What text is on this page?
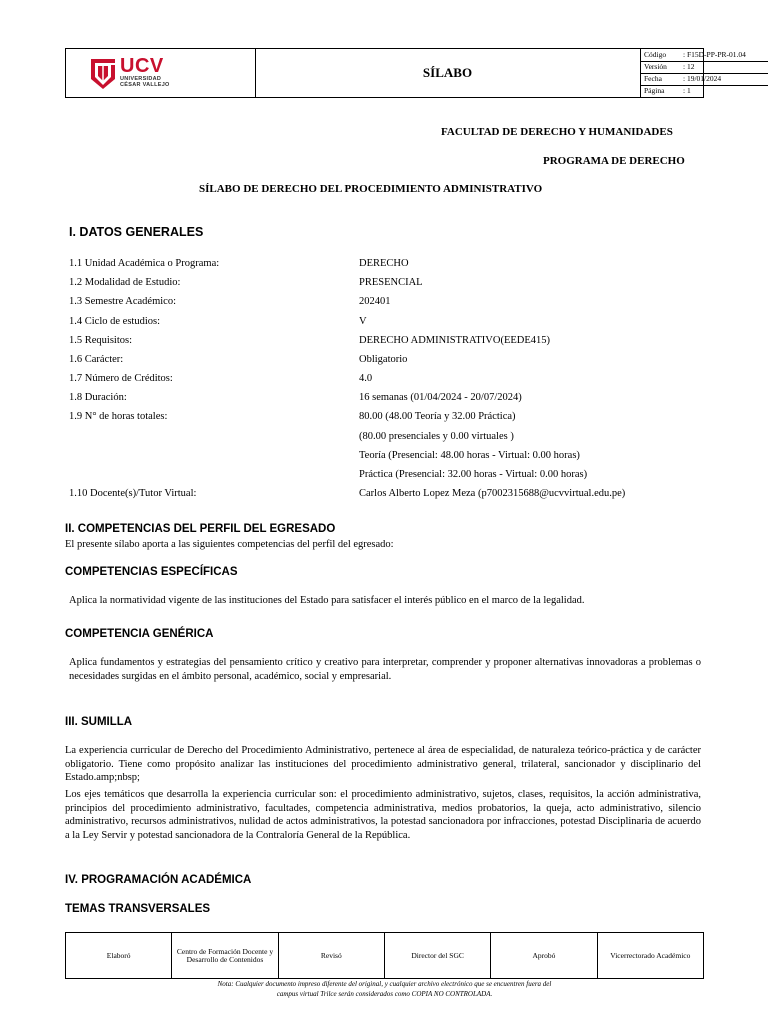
UCV
UNIVERSIDAD
CÉSAR VALLEJO
SÍLABO
Código : F15D-PP-PR-01.04
Versión : 12
Fecha	: 19/01/2024
Página : 1
FACULTAD DE DERECHO Y HUMANIDADES
PROGRAMA DE DERECHO
SÍLABO DE DERECHO DEL PROCEDIMIENTO ADMINISTRATIVO
I. DATOS GENERALES
1.1 Unidad Académica o Programa:	DERECHO
1.2 Modalidad de Estudio:	PRESENCIAL
1.3 Semestre Académico:	202401
1.4 Ciclo de estudios:	V
1.5 Requisitos:	DERECHO ADMINISTRATIVO(EEDE415)
1.6 Carácter:	Obligatorio
1.7 Número de Créditos:	4.0
1.8 Duración:	16 semanas (01/04/2024 - 20/07/2024)
1.9 N° de horas totales:	80.00 (48.00 Teoría y 32.00 Práctica)
(80.00 presenciales y 0.00 virtuales )
Teoría (Presencial: 48.00 horas - Virtual: 0.00 horas)
Práctica (Presencial: 32.00 horas - Virtual: 0.00 horas)
1.10 Docente(s)/Tutor Virtual:	Carlos Alberto Lopez Meza (p7002315688@ucvvirtual.edu.pe)
II. COMPETENCIAS DEL PERFIL DEL EGRESADO
El presente sílabo aporta a las siguientes competencias del perfil del egresado:
COMPETENCIAS ESPECÍFICAS
Aplica la normatividad vigente de las instituciones del Estado para satisfacer el interés público en el marco de la legalidad.
COMPETENCIA GENÉRICA
Aplica fundamentos y estrategias del pensamiento crítico y creativo para interpretar, comprender y proponer alternativas innovadoras a problemas o necesidades surgidas en el ámbito personal, académico, social y empresarial.
III. SUMILLA
La experiencia curricular de Derecho del Procedimiento Administrativo, pertenece al área de especialidad, de naturaleza teórico-práctica y de carácter obligatorio. Tiene como propósito analizar las instituciones del procedimiento administrativo general, trilateral, sancionador y disciplinario del Estado.amp;nbsp;
Los ejes temáticos que desarrolla la experiencia curricular son: el procedimiento administrativo, sujetos, clases, requisitos, la acción administrativa, principios del procedimiento administrativo, facultades, competencia administrativa, medios probatorios, la queja, acto administrativo, silencio administrativo, recursos administrativos, nulidad de actos administrativos, la potestad sancionadora por infracciones, potestad Disciplinaria de acuerdo a la Ley Servir y potestad sancionadora de la Contraloría General de la República.
IV. PROGRAMACIÓN ACADÉMICA
TEMAS TRANSVERSALES
Elaboró	Centro de Formación Docente y Desarrollo de Contenidos	Revisó	Director del SGC	Aprobó	Vicerrectorado Académico
Nota: Cualquier documento impreso diferente del original, y cualquier archivo electrónico que se encuentren fuera del
campus virtual Trilce serán considerados como COPIA NO CONTROLADA.
